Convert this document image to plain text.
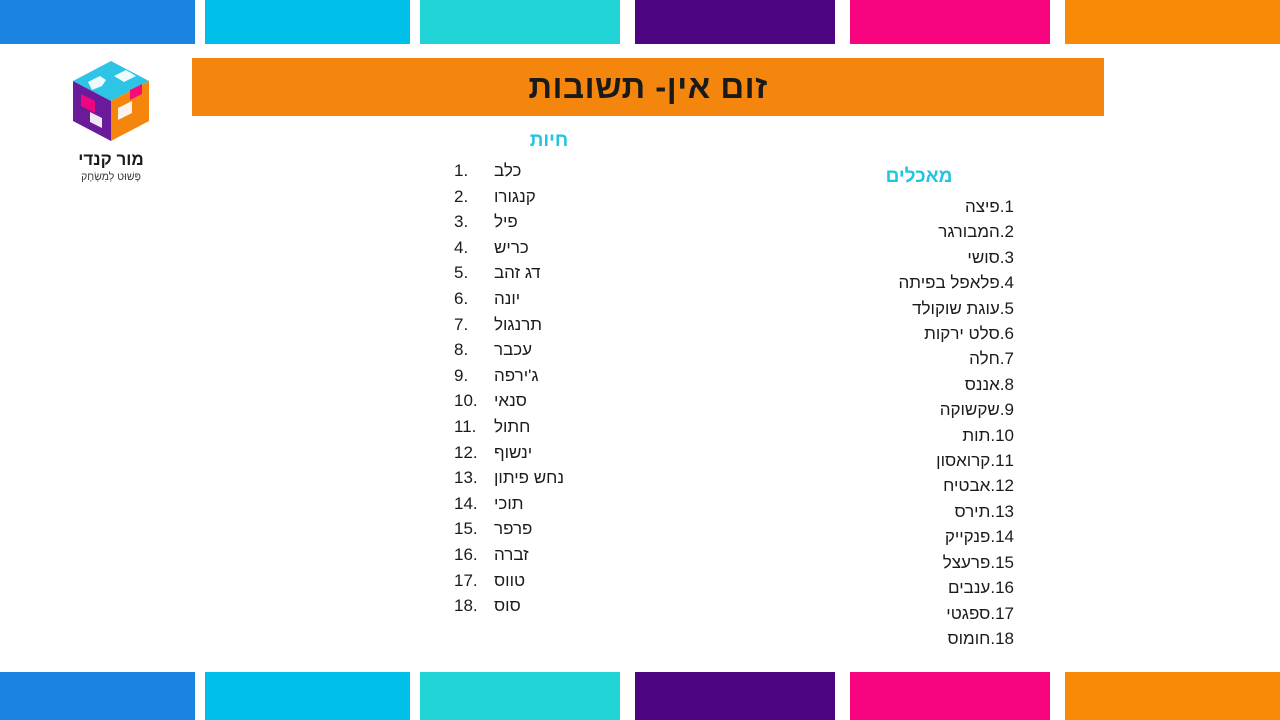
מור קנדי
פָּשׁוּט לְמִשְׂחָק
זום אין- תשובות
חיות
כלב
1.
קנגורו
2.
פיל
3.
כריש
4.
דג זהב
5.
יונה
6.
תרנגול
7.
עכבר
8.
ג'ירפה
9.
סנאי
10.
חתול
11.
ינשוף
12.
נחש פיתון
13.
תוכי
14.
פרפר
15.
זברה
16.
טווס
17.
סוס
18.
מאכלים
1.פיצה
2.המבורגר
3.סושי
4.פלאפל בפיתה
5.עוגת שוקולד
6.סלט ירקות
7.חלה
8.אננס
9.שקשוקה
10.תות
11.קרואסון
12.אבטיח
13.תירס
14.פנקייק
15.פרעצל
16.ענבים
17.ספגטי
18.חומוס
